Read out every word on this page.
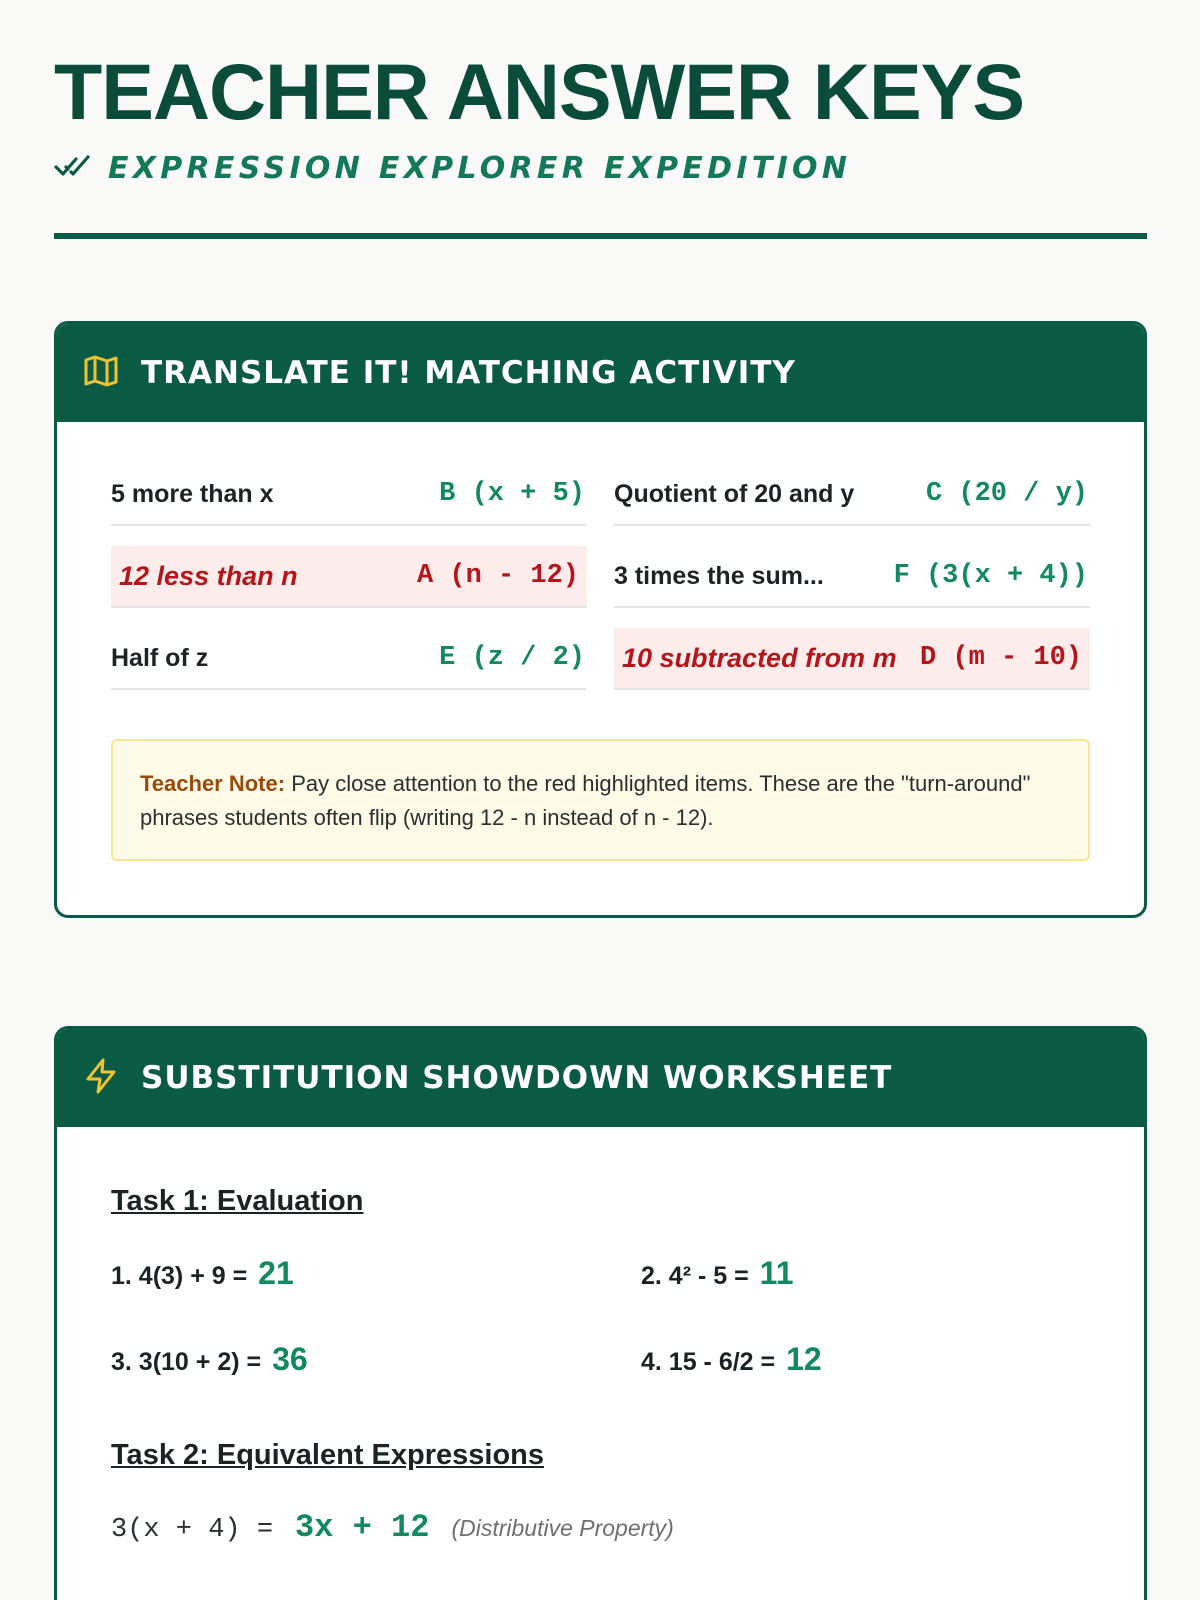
TEACHER ANSWER KEYS
EXPRESSION EXPLORER EXPEDITION
TRANSLATE IT! MATCHING ACTIVITY
5 more than x	B (x + 5)
12 less than n	A (n - 12)
Half of z	E (z / 2)
Quotient of 20 and y	C (20 / y)
3 times the sum...	F (3(x + 4))
10 subtracted from m D (m - 10)
Teacher Note: Pay close attention to the red highlighted items. These are the "turn-around" phrases students often flip (writing 12 - n instead of n - 12).
SUBSTITUTION SHOWDOWN WORKSHEET
Task 1: Evaluation
1. 4(3) + 9 = 21	2. 4² - 5 = 11
3. 3(10 + 2) = 36	4. 15 - 6/2 = 12
Task 2: Equivalent Expressions
3(x + 4) = 3x + 12 (Distributive Property)
